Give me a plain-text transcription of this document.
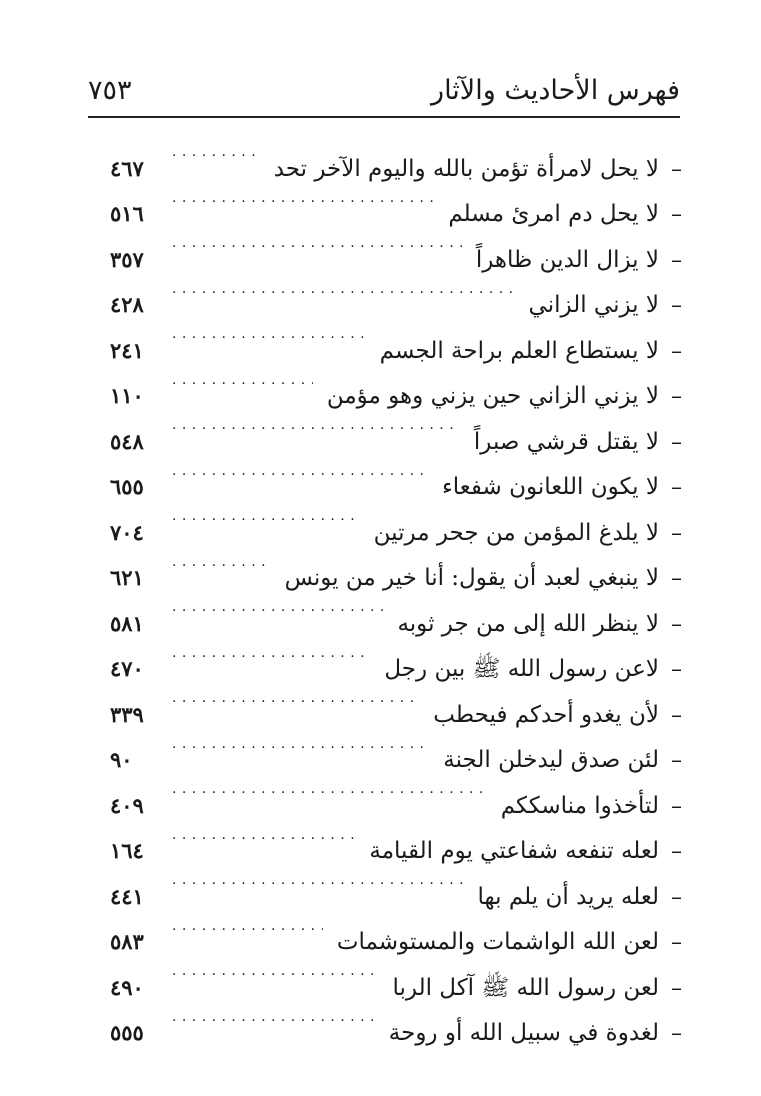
فهرس الأحاديث والآثار
٧٥٣
–
لا يحل لامرأة تؤمن بالله واليوم الآخر تحد
. . .
٤٦٧
–
لا يحل دم امرئ مسلم
. . .
٥١٦
–
لا يزال الدين ظاهراً
. . .
٣٥٧
–
لا يزني الزاني
. . .
٤٢٨
–
لا يستطاع العلم براحة الجسم
. . .
٢٤١
–
لا يزني الزاني حين يزني وهو مؤمن
. . .
١١٠
–
لا يقتل قرشي صبراً
. . .
٥٤٨
–
لا يكون اللعانون شفعاء
. . .
٦٥٥
–
لا يلدغ المؤمن من جحر مرتين
. . .
٧٠٤
–
لا ينبغي لعبد أن يقول: أنا خير من يونس
. . .
٦٢١
–
لا ينظر الله إلى من جر ثوبه
. . .
٥٨١
–
لاعن رسول الله ﷺ بين رجل
. . .
٤٧٠
–
لأن يغدو أحدكم فيحطب
. . .
٣٣٩
–
لئن صدق ليدخلن الجنة
. . .
٩٠
–
لتأخذوا مناسككم
. . .
٤٠٩
–
لعله تنفعه شفاعتي يوم القيامة
. . .
١٦٤
–
لعله يريد أن يلم بها
. . .
٤٤١
–
لعن الله الواشمات والمستوشمات
. . .
٥٨٣
–
لعن رسول الله ﷺ آكل الربا
. . .
٤٩٠
–
لغدوة في سبيل الله أو روحة
. . .
٥٥٥
